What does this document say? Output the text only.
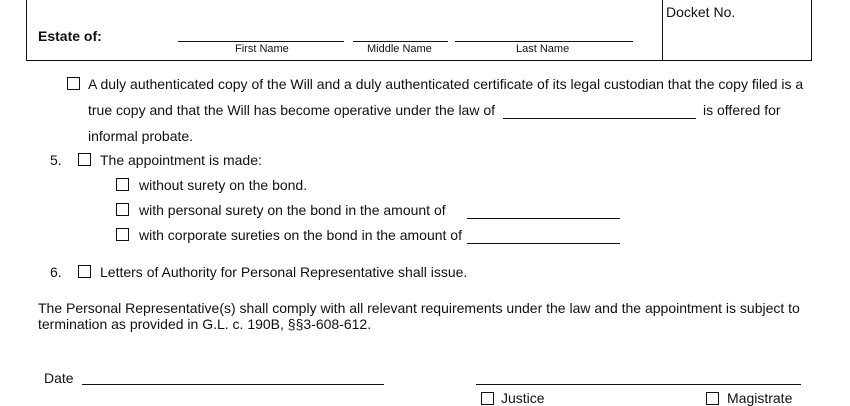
Estate of:
First Name	Middle Name	Last Name
Docket No.
A duly authenticated copy of the Will and a duly authenticated certificate of its legal custodian that the copy filed is a
true copy and that the Will has become operative under the law of	is offered for
informal probate.
5.	The appointment is made:
without surety on the bond.
with personal surety on the bond in the amount of
with corporate sureties on the bond in the amount of
6.	Letters of Authority for Personal Representative shall issue.
The Personal Representative(s) shall comply with all relevant requirements under the law and the appointment is subject to
termination as provided in G.L. c. 190B, §§3-608-612.
Date
Justice	Magistrate
